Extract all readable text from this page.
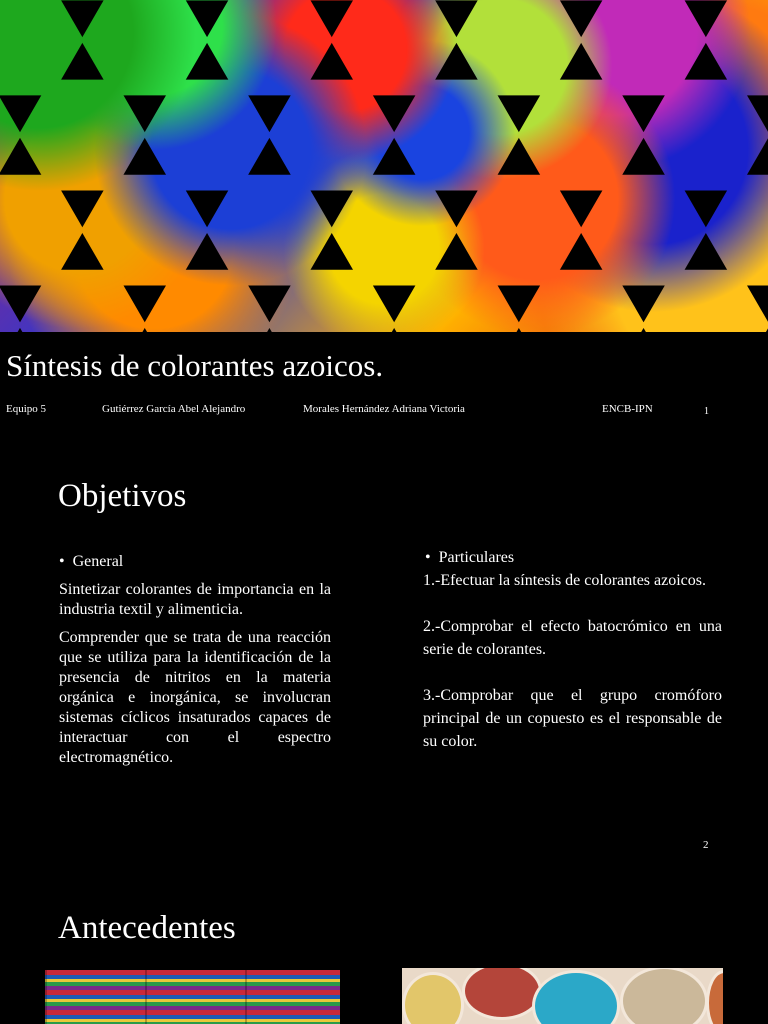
Síntesis de colorantes azoicos.
Equipo 5	Gutiérrez García Abel Alejandro	Morales Hernández Adriana Victoria	ENCB-IPN	1
Objetivos
• General
Sintetizar colorantes de importancia en la industria textil y alimenticia.
Comprender que se trata de una reacción que se utiliza para la identificación de la presencia de nitritos en la materia orgánica e inorgánica, se involucran sistemas cíclicos insaturados capaces de interactuar con el espectro electromagnético.
• Particulares
1.-Efectuar la síntesis de colorantes azoicos.
2.-Comprobar el efecto batocrómico en una serie de colorantes.
3.-Comprobar que el grupo cromóforo principal de un copuesto es el responsable de su color.
2
Antecedentes
